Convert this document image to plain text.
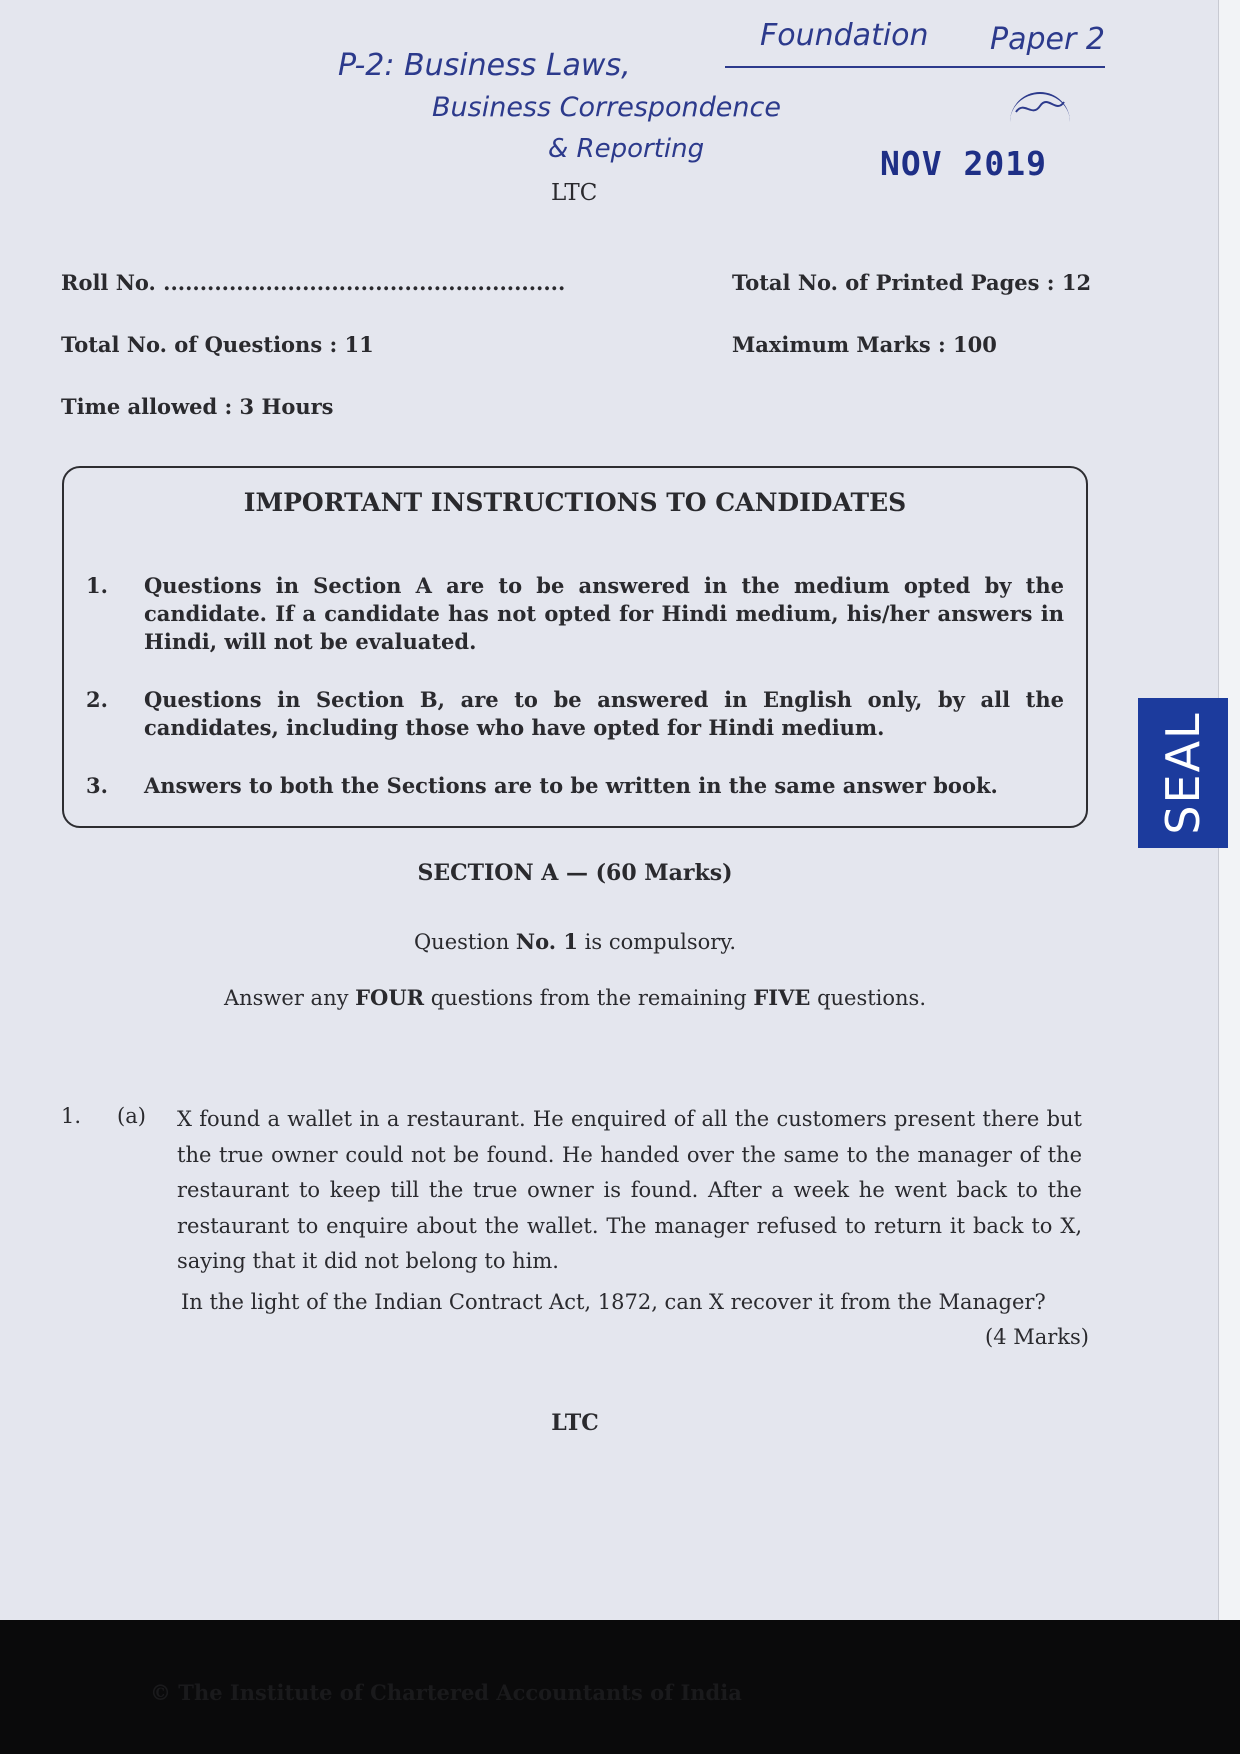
P-2: Business Laws,
Business Correspondence
& Reporting
Foundation Paper 2
NOV 2019
LTC
Roll No. .......................................................	Total No. of Printed Pages : 12
Total No. of Questions : 11	Maximum Marks : 100
Time allowed : 3 Hours
IMPORTANT INSTRUCTIONS TO CANDIDATES
1.	Questions in Section A are to be answered in the medium opted by the candidate. If a candidate has not opted for Hindi medium, his/her answers in Hindi, will not be evaluated.
2.	Questions in Section B, are to be answered in English only, by all the candidates, including those who have opted for Hindi medium.
3.	Answers to both the Sections are to be written in the same answer book.
SECTION A — (60 Marks)
Question No. 1 is compulsory.
Answer any FOUR questions from the remaining FIVE questions.
1. (a) X found a wallet in a restaurant. He enquired of all the customers present there but the true owner could not be found. He handed over the same to the manager of the restaurant to keep till the true owner is found. After a week he went back to the restaurant to enquire about the wallet. The manager refused to return it back to X, saying that it did not belong to him.
In the light of the Indian Contract Act, 1872, can X recover it from the Manager?
(4 Marks)
LTC
SEAL
© The Institute of Chartered Accountants of India
